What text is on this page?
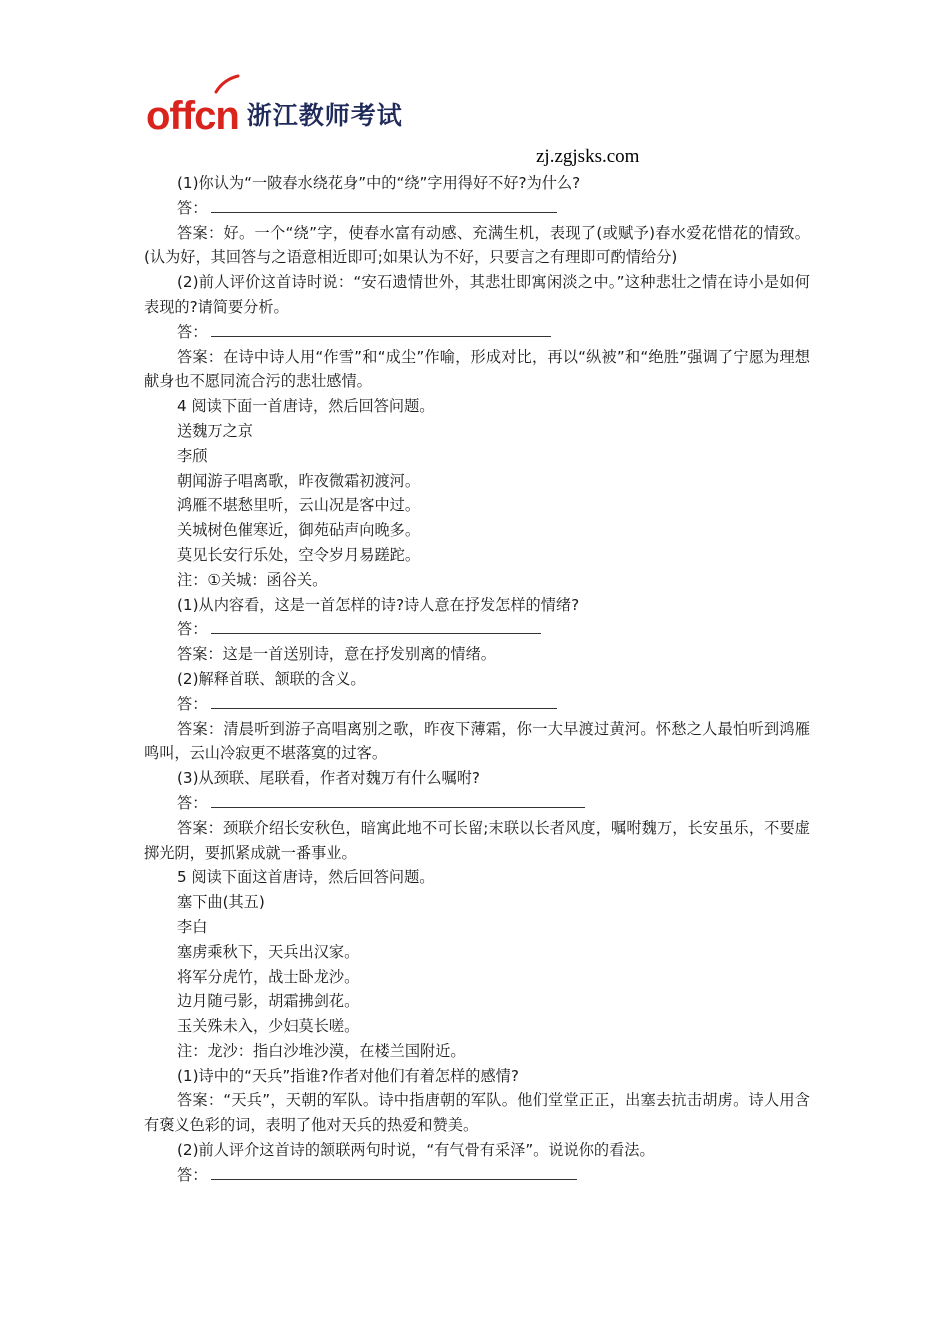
offcn 浙江教师考试
zj.zgjsks.com

(1)你认为“一陂春水绕花身”中的“绕”字用得好不好?为什么?

答：

答案：好。一个“绕”字，使春水富有动感、充满生机，表现了(或赋予)春水爱花惜花的情致。(认为好，其回答与之语意相近即可;如果认为不好，只要言之有理即可酌情给分)

(2)前人评价这首诗时说：“安石遗情世外，其悲壮即寓闲淡之中。”这种悲壮之情在诗小是如何表现的?请简要分析。

答：

答案：在诗中诗人用“作雪”和“成尘”作喻，形成对比，再以“纵被”和“绝胜”强调了宁愿为理想献身也不愿同流合污的悲壮感情。

4 阅读下面一首唐诗，然后回答问题。

送魏万之京

李颀

朝闻游子唱离歌，昨夜微霜初渡河。

鸿雁不堪愁里听，云山况是客中过。

关城树色催寒近，御苑砧声向晚多。

莫见长安行乐处，空令岁月易蹉跎。

注：①关城：函谷关。

(1)从内容看，这是一首怎样的诗?诗人意在抒发怎样的情绪?

答：

答案：这是一首送别诗，意在抒发别离的情绪。

(2)解释首联、颔联的含义。

答：

答案：清晨听到游子高唱离别之歌，昨夜下薄霜，你一大早渡过黄河。怀愁之人最怕听到鸿雁鸣叫，云山冷寂更不堪落寞的过客。

(3)从颈联、尾联看，作者对魏万有什么嘱咐?

答：

答案：颈联介绍长安秋色，暗寓此地不可长留;末联以长者风度，嘱咐魏万，长安虽乐，不要虚掷光阴，要抓紧成就一番事业。

5 阅读下面这首唐诗，然后回答问题。

塞下曲(其五)

李白

塞虏乘秋下，天兵出汉家。

将军分虎竹，战士卧龙沙。

边月随弓影，胡霜拂剑花。

玉关殊未入，少妇莫长嗟。

注：龙沙：指白沙堆沙漠，在楼兰国附近。

(1)诗中的“天兵”指谁?作者对他们有着怎样的感情?

答案：“天兵”，天朝的军队。诗中指唐朝的军队。他们堂堂正正，出塞去抗击胡虏。诗人用含有褒义色彩的词，表明了他对天兵的热爱和赞美。

(2)前人评介这首诗的颔联两句时说，“有气骨有采泽”。说说你的看法。

答：
